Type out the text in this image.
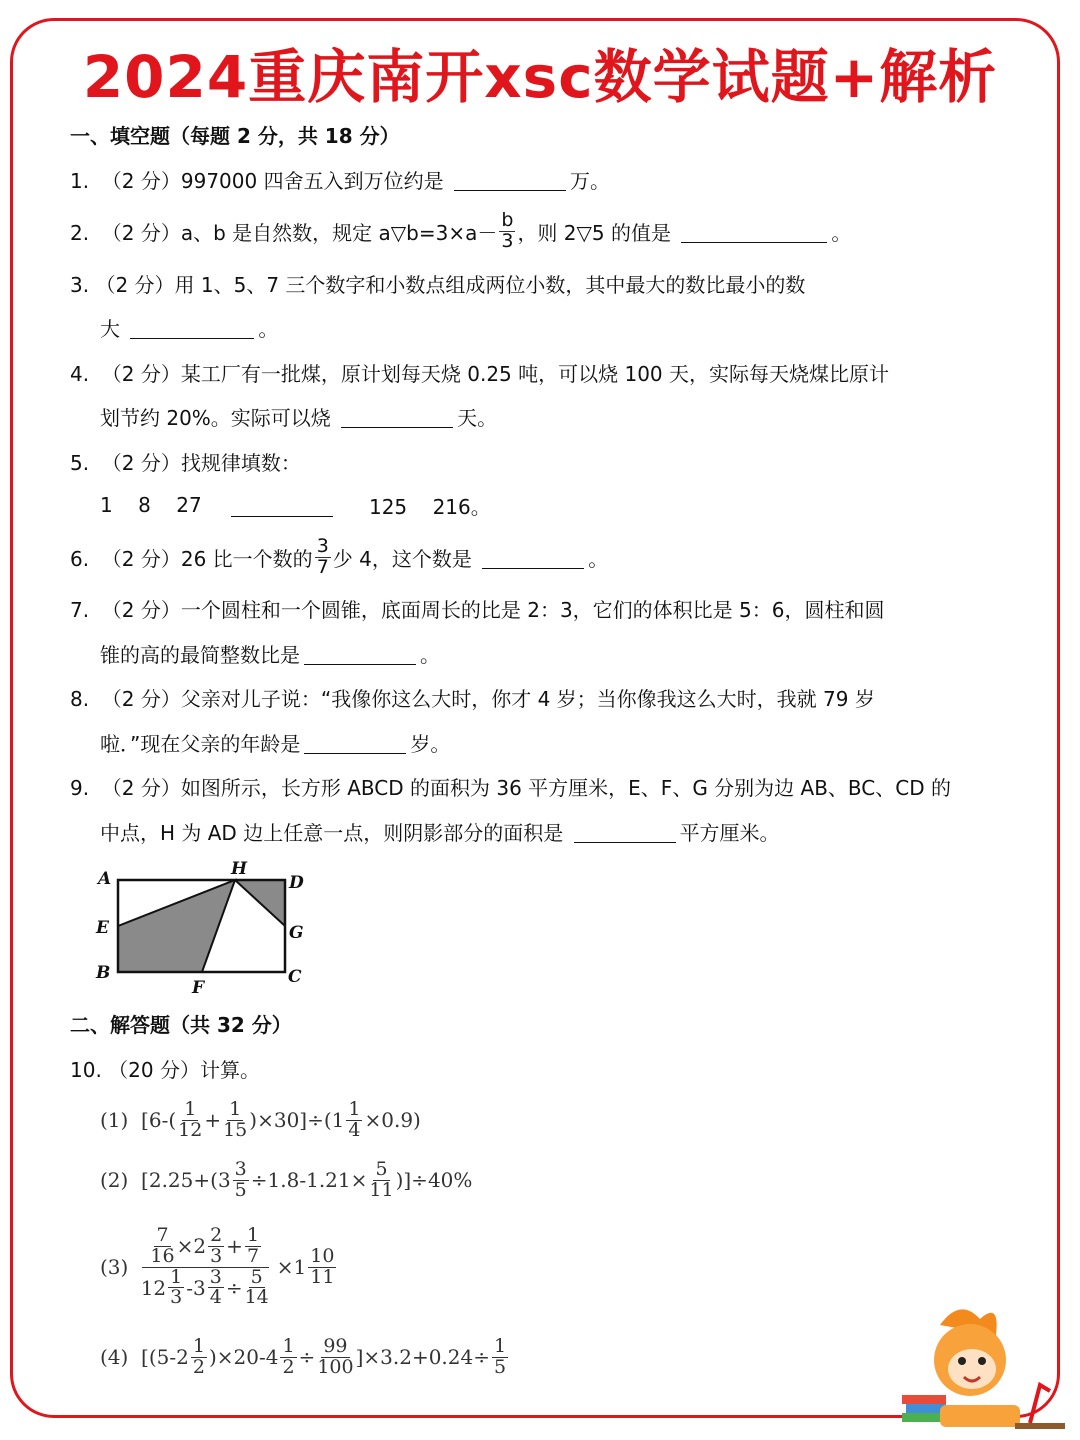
2024重庆南开xsc数学试题+解析
一、填空题（每题 2 分，共 18 分）
1.  （2 分）997000 四舍五入到万位约是	万。
2.  （2 分）a、b 是自然数，规定 a▽b=3×a－ $\frac{b}{3}$ ，则 2▽5 的值是	。
3. （2 分）用 1、5、7 三个数字和小数点组成两位小数，其中最大的数比最小的数
大	。
4.  （2 分）某工厂有一批煤，原计划每天烧 0.25 吨，可以烧 100 天，实际每天烧煤比原计
划节约 20%。实际可以烧	天。
5.  （2 分）找规律填数：
1    8    27	125    216。
6.  （2 分）26 比一个数的 $\frac{3}{7}$ 少 4，这个数是	。
7.  （2 分）一个圆柱和一个圆锥，底面周长的比是 2：3，它们的体积比是 5：6，圆柱和圆
锥的高的最简整数比是	。
8.  （2 分）父亲对儿子说：“我像你这么大时，你才 4 岁；当你像我这么大时，我就 79 岁
啦．”现在父亲的年龄是	岁。
9.  （2 分）如图所示，长方形 ABCD 的面积为 36 平方厘米，E、F、G 分别为边 AB、BC、CD 的
中点，H 为 AD 边上任意一点，则阴影部分的面积是	平方厘米。
二、解答题（共 32 分）
10. （20 分）计算。
(1)  $[6-( \frac{1}{12} + \frac{1}{15} )\times 30]\div(1 \frac{1}{4} \times 0.9)$
(2)  $[2.25+(3 \frac{3}{5} \div 1.8-1.21\times \frac{5}{11} )]\div 40\%$
$(3) \frac{\frac{7}{16} \times 2 \frac{2}{3} + \frac{1}{7}}{12 \frac{1}{3} -3 \frac{3}{4} \div \frac{5}{14}} \times 1 \frac{10}{11}$
(4)  $[(5-2 \frac{1}{2} )\times 20-4 \frac{1}{2} \div \frac{99}{100} ]\times 3.2+0.24\div \frac{1}{5}$
A	H
D
E	G
B	C
F
